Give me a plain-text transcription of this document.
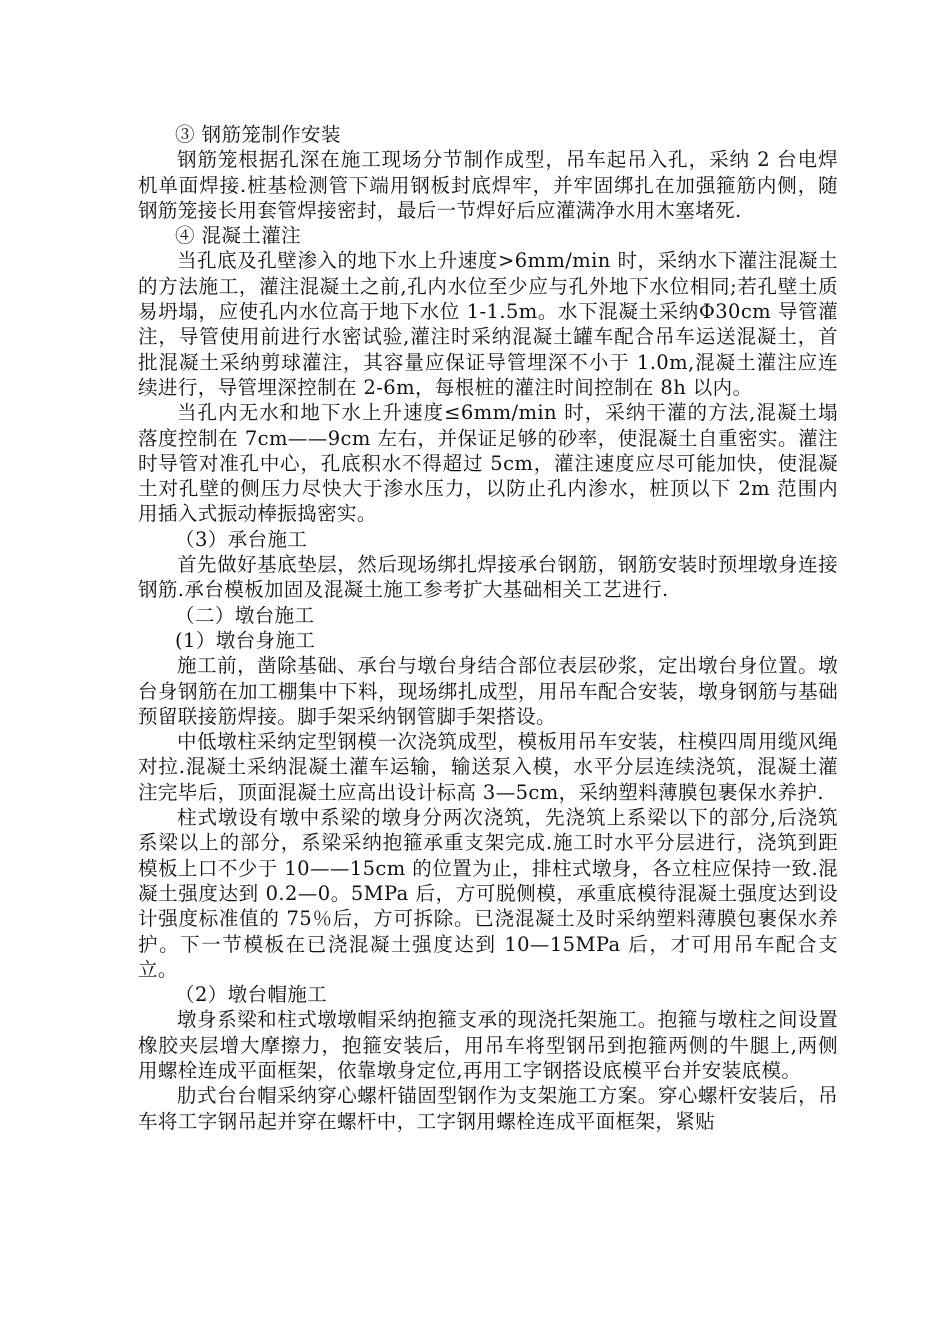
③ 钢筋笼制作安装

钢筋笼根据孔深在施工现场分节制作成型，吊车起吊入孔，采纳 2 台电焊机单面焊接.桩基检测管下端用钢板封底焊牢，并牢固绑扎在加强箍筋内侧，随钢筋笼接长用套管焊接密封，最后一节焊好后应灌满净水用木塞堵死.

④ 混凝土灌注

当孔底及孔壁渗入的地下水上升速度>6mm/min 时，采纳水下灌注混凝土的方法施工，灌注混凝土之前,孔内水位至少应与孔外地下水位相同;若孔壁土质易坍塌，应使孔内水位高于地下水位 1-1.5m。水下混凝土采纳Φ30cm 导管灌注，导管使用前进行水密试验,灌注时采纳混凝土罐车配合吊车运送混凝土，首批混凝土采纳剪球灌注，其容量应保证导管埋深不小于 1.0m,混凝土灌注应连续进行，导管埋深控制在 2-6m，每根桩的灌注时间控制在 8h 以内。

当孔内无水和地下水上升速度≤6mm/min 时，采纳干灌的方法,混凝土塌落度控制在 7cm——9cm 左右，并保证足够的砂率，使混凝土自重密实。灌注时导管对准孔中心，孔底积水不得超过 5cm，灌注速度应尽可能加快，使混凝土对孔壁的侧压力尽快大于渗水压力，以防止孔内渗水，桩顶以下 2m 范围内用插入式振动棒振捣密实。

（3）承台施工

首先做好基底垫层，然后现场绑扎焊接承台钢筋，钢筋安装时预埋墩身连接钢筋.承台模板加固及混凝土施工参考扩大基础相关工艺进行.

（二）墩台施工

(1）墩台身施工

施工前，凿除基础、承台与墩台身结合部位表层砂浆，定出墩台身位置。墩台身钢筋在加工棚集中下料，现场绑扎成型，用吊车配合安装，墩身钢筋与基础预留联接筋焊接。脚手架采纳钢管脚手架搭设。

中低墩柱采纳定型钢模一次浇筑成型，模板用吊车安装，柱模四周用缆风绳对拉.混凝土采纳混凝土灌车运输，输送泵入模，水平分层连续浇筑，混凝土灌注完毕后，顶面混凝土应高出设计标高 3—5cm，采纳塑料薄膜包裹保水养护.

柱式墩设有墩中系梁的墩身分两次浇筑，先浇筑上系梁以下的部分,后浇筑系梁以上的部分，系梁采纳抱箍承重支架完成.施工时水平分层进行，浇筑到距模板上口不少于 10——15cm 的位置为止，排柱式墩身，各立柱应保持一致.混凝土强度达到 0.2—0。5MPa 后，方可脱侧模，承重底模待混凝土强度达到设计强度标准值的 75％后，方可拆除。已浇混凝土及时采纳塑料薄膜包裹保水养护。下一节模板在已浇混凝土强度达到 10—15MPa 后，才可用吊车配合支立。

（2）墩台帽施工

墩身系梁和柱式墩墩帽采纳抱箍支承的现浇托架施工。抱箍与墩柱之间设置橡胶夹层增大摩擦力，抱箍安装后，用吊车将型钢吊到抱箍两侧的牛腿上,两侧用螺栓连成平面框架，依靠墩身定位,再用工字钢搭设底模平台并安装底模。

肋式台台帽采纳穿心螺杆锚固型钢作为支架施工方案。穿心螺杆安装后，吊车将工字钢吊起并穿在螺杆中，工字钢用螺栓连成平面框架，紧贴
